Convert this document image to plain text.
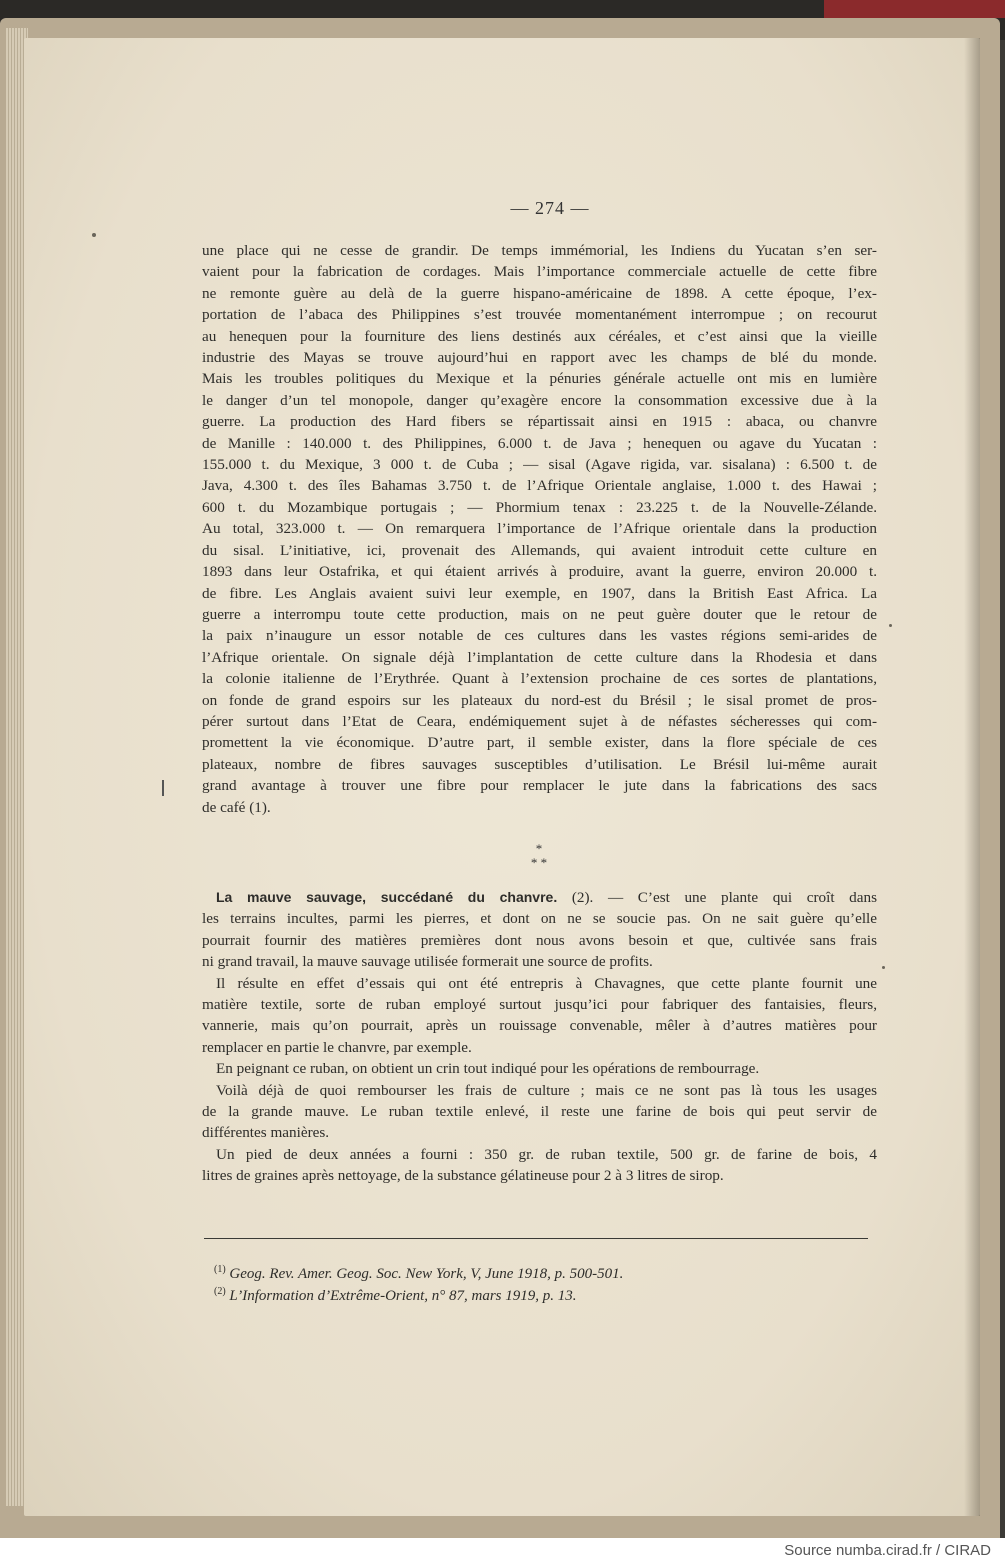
— 274 —
une place qui ne cesse de grandir. De temps immémorial, les Indiens du Yucatan s’en ser-
vaient pour la fabrication de cordages. Mais l’importance commerciale actuelle de cette fibre
ne remonte guère au delà de la guerre hispano-américaine de 1898. A cette époque, l’ex-
portation de l’abaca des Philippines s’est trouvée momentanément interrompue ; on recourut
au henequen pour la fourniture des liens destinés aux céréales, et c’est ainsi que la vieille
industrie des Mayas se trouve aujourd’hui en rapport avec les champs de blé du monde.
Mais les troubles politiques du Mexique et la pénuries générale actuelle ont mis en lumière
le danger d’un tel monopole, danger qu’exagère encore la consommation excessive due à la
guerre. La production des Hard fibers se répartissait ainsi en 1915 : abaca, ou chanvre
de Manille : 140.000 t. des Philippines, 6.000 t. de Java ; henequen ou agave du Yucatan :
155.000 t. du Mexique, 3 000 t. de Cuba ; — sisal (Agave rigida, var. sisalana) : 6.500 t. de
Java, 4.300 t. des îles Bahamas 3.750 t. de l’Afrique Orientale anglaise, 1.000 t. des Hawai ;
600 t. du Mozambique portugais ; — Phormium tenax : 23.225 t. de la Nouvelle-Zélande.
Au total, 323.000 t. — On remarquera l’importance de l’Afrique orientale dans la production
du sisal. L’initiative, ici, provenait des Allemands, qui avaient introduit cette culture en
1893 dans leur Ostafrika, et qui étaient arrivés à produire, avant la guerre, environ 20.000 t.
de fibre. Les Anglais avaient suivi leur exemple, en 1907, dans la British East Africa. La
guerre a interrompu toute cette production, mais on ne peut guère douter que le retour de
la paix n’inaugure un essor notable de ces cultures dans les vastes régions semi-arides de
l’Afrique orientale. On signale déjà l’implantation de cette culture dans la Rhodesia et dans
la colonie italienne de l’Erythrée. Quant à l’extension prochaine de ces sortes de plantations,
on fonde de grand espoirs sur les plateaux du nord-est du Brésil ; le sisal promet de pros-
pérer surtout dans l’Etat de Ceara, endémiquement sujet à de néfastes sécheresses qui com-
promettent la vie économique. D’autre part, il semble exister, dans la flore spéciale de ces
plateaux, nombre de fibres sauvages susceptibles d’utilisation. Le Brésil lui-même aurait
grand avantage à trouver une fibre pour remplacer le jute dans la fabrications des sacs
de café (1).
*
* *
La mauve sauvage, succédané du chanvre. (2). — C’est une plante qui croît dans
les terrains incultes, parmi les pierres, et dont on ne se soucie pas. On ne sait guère qu’elle
pourrait fournir des matières premières dont nous avons besoin et que, cultivée sans frais
ni grand travail, la mauve sauvage utilisée formerait une source de profits.
Il résulte en effet d’essais qui ont été entrepris à Chavagnes, que cette plante fournit une
matière textile, sorte de ruban employé surtout jusqu’ici pour fabriquer des fantaisies, fleurs,
vannerie, mais qu’on pourrait, après un rouissage convenable, mêler à d’autres matières pour
remplacer en partie le chanvre, par exemple.
En peignant ce ruban, on obtient un crin tout indiqué pour les opérations de rembourrage.
Voilà déjà de quoi rembourser les frais de culture ; mais ce ne sont pas là tous les usages
de la grande mauve. Le ruban textile enlevé, il reste une farine de bois qui peut servir de
différentes manières.
Un pied de deux années a fourni : 350 gr. de ruban textile, 500 gr. de farine de bois, 4
litres de graines après nettoyage, de la substance gélatineuse pour 2 à 3 litres de sirop.
$^{(1)}$ Geog. Rev. Amer. Geog. Soc. New York, V, June 1918, p. 500-501.
$^{(2)}$ L’Information d’Extrême-Orient, n° 87, mars 1919, p. 13.
Source numba.cirad.fr / CIRAD
